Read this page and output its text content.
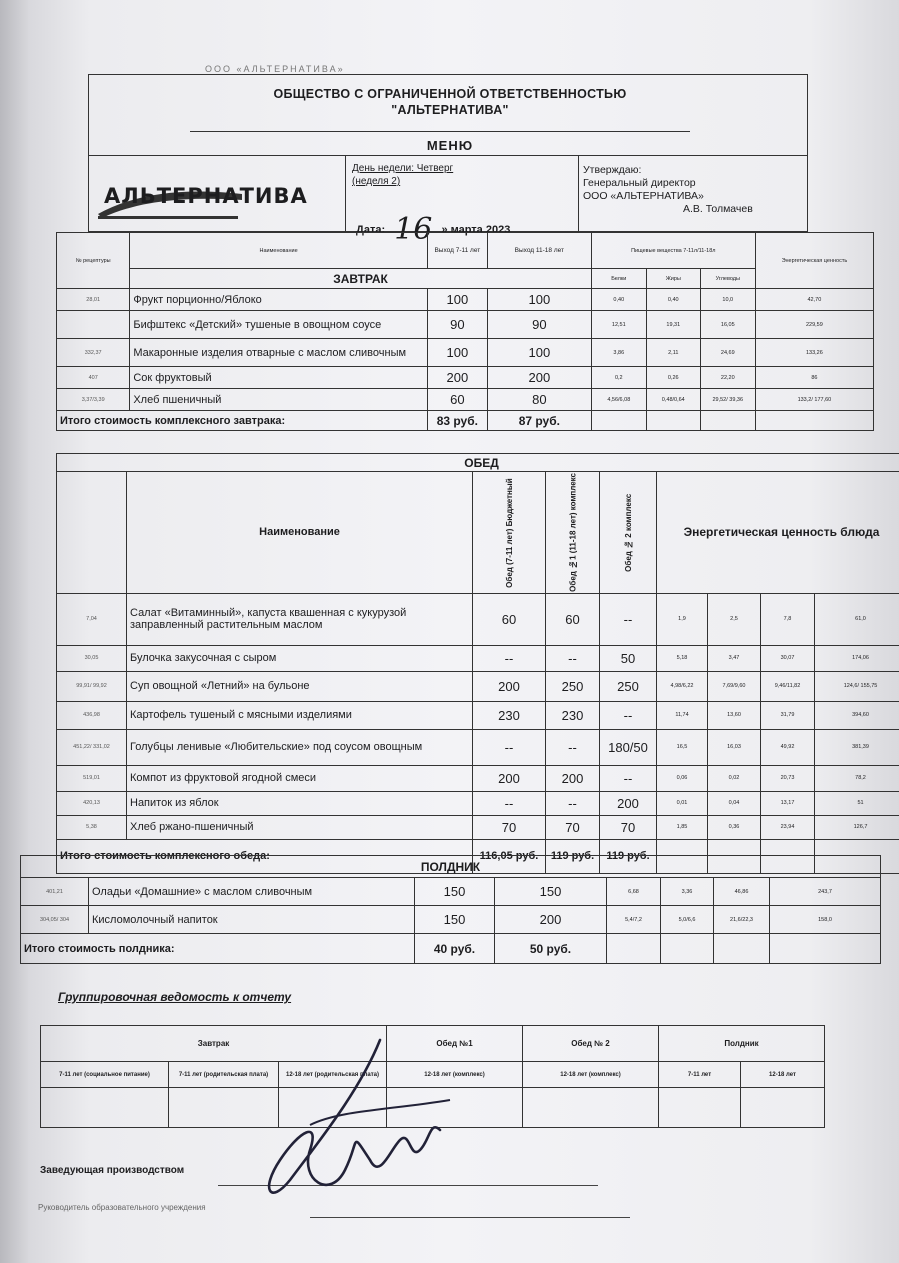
ООО «АЛЬТЕРНАТИВА»
ОБЩЕСТВО С ОГРАНИЧЕННОЙ ОТВЕТСТВЕННОСТЬЮ
"АЛЬТЕРНАТИВА"
МЕНЮ
АЛЬТЕРНАТИВА
День недели: Четверг
(неделя 2)
Дата: 16 » марта 2023
Утверждаю:
Генеральный директор
ООО «АЛЬТЕРНАТИВА»
А.В. Толмачев
№ рецептуры	Наименование	Выход 7-11 лет	Выход 11-18 лет	Пищевые вещества 7-11л/11-18л			Энергетическая ценность
	ЗАВТРАК			Белки	Жиры	Углеводы	
28,01	Фрукт порционно/Яблоко	100	100	0,40	0,40	10,0	42,70
	Бифштекс «Детский» тушеные в овощном соусе	90	90	12,51	19,31	16,05	229,59
332,37	Макаронные изделия отварные с маслом сливочным	100	100	3,86	2,11	24,69	133,26
407	Сок фруктовый	200	200	0,2	0,26	22,20	86
3,37/3,39	Хлеб пшеничный	60	80	4,56/6,08	0,48/0,64	29,52/ 39,36	133,2/ 177,60
Итого стоимость комплексного завтрака:		83 руб.	87 руб.				
ОБЕД								
	Наименование	Обед (7-11 лет) Бюджетный	Обед №1 (11-18 лет) комплекс	Обед № 2 комплекс	Энергетическая ценность блюда			
7,04	Салат «Витаминный», капуста квашенная с кукурузой заправленный растительным маслом	60	60	--	1,9	2,5	7,8	61,0
30,05	Булочка закусочная с сыром	--	--	50	5,18	3,47	30,07	174,06
99,91/ 99,92	Суп овощной «Летний» на бульоне	200	250	250	4,98/6,22	7,69/9,60	9,46/11,82	124,6/ 155,75
436,98	Картофель тушеный с мясными изделиями	230	230	--	11,74	13,60	31,79	394,60
451,22/ 331,02	Голубцы ленивые «Любительские» под соусом овощным	--	--	180/50	16,5	16,03	49,92	381,39
519,01	Компот из фруктовой ягодной смеси	200	200	--	0,06	0,02	20,73	78,2
420,13	Напиток из яблок	--	--	200	0,01	0,04	13,17	51
5,38	Хлеб ржано-пшеничный	70	70	70	1,85	0,36	23,94	126,7
Итого стоимость комплексного обеда:		116,05 руб.	119 руб.	119 руб.				
ПОЛДНИК							
401,21	Оладьи «Домашние» с маслом сливочным	150	150	6,68	3,36	46,86	243,7
304,05/ 304	Кисломолочный напиток	150	200	5,4/7,2	5,0/6,6	21,6/22,3	158,0
Итого стоимость полдника:		40 руб.	50 руб.				
Группировочная ведомость к отчету
Завтрак			Обед №1	Обед № 2	Полдник	
7-11 лет (социальное питание)	7-11 лет (родительская плата)	12-18 лет (родительская плата)	12-18 лет (комплекс)	12-18 лет (комплекс)	7-11 лет	12-18 лет

Заведующая производством
Руководитель образовательного учреждения
